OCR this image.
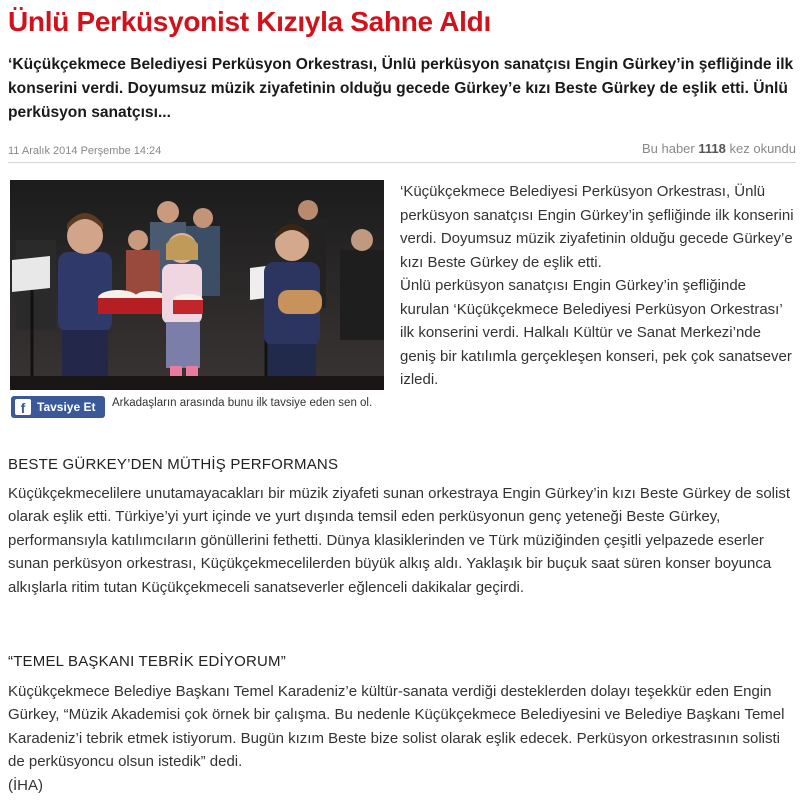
Ünlü Perküsyonist Kızıyla Sahne Aldı

‘Küçükçekmece Belediyesi Perküsyon Orkestrası, Ünlü perküsyon sanatçısı Engin Gürkey’in şefliğinde ilk konserini verdi. Doyumsuz müzik ziyafetinin olduğu gecede Gürkey’e kızı Beste Gürkey de eşlik etti. Ünlü perküsyon sanatçısı...

11 Aralık 2014 Perşembe 14:24	Bu haber 1118 kez okundu
f Tavsiye Et	Arkadaşların arasında bunu ilk tavsiye eden sen ol.

‘Küçükçekmece Belediyesi Perküsyon Orkestrası, Ünlü perküsyon sanatçısı Engin Gürkey’in şefliğinde ilk konserini verdi. Doyumsuz müzik ziyafetinin olduğu gecede Gürkey’e kızı Beste Gürkey de eşlik etti.
Ünlü perküsyon sanatçısı Engin Gürkey’in şefliğinde kurulan ‘Küçükçekmece Belediyesi Perküsyon Orkestrası’ ilk konserini verdi. Halkalı Kültür ve Sanat Merkezi’nde geniş bir katılımla gerçekleşen konseri, pek çok sanatsever izledi.

BESTE GÜRKEY’DEN MÜTHİŞ PERFORMANS

Küçükçekmecelilere unutamayacakları bir müzik ziyafeti sunan orkestraya Engin Gürkey’in kızı Beste Gürkey de solist olarak eşlik etti. Türkiye’yi yurt içinde ve yurt dışında temsil eden perküsyonun genç yeteneği Beste Gürkey, performansıyla katılımcıların gönüllerini fethetti. Dünya klasiklerinden ve Türk müziğinden çeşitli yelpazede eserler sunan perküsyon orkestrası, Küçükçekmecelilerden büyük alkış aldı. Yaklaşık bir buçuk saat süren konser boyunca alkışlarla ritim tutan Küçükçekmeceli sanatseverler eğlenceli dakikalar geçirdi.

“TEMEL BAŞKANI TEBRİK EDİYORUM”

Küçükçekmece Belediye Başkanı Temel Karadeniz’e kültür-sanata verdiği desteklerden dolayı teşekkür eden Engin Gürkey, “Müzik Akademisi çok örnek bir çalışma. Bu nedenle Küçükçekmece Belediyesini ve Belediye Başkanı Temel Karadeniz’i tebrik etmek istiyorum. Bugün kızım Beste bize solist olarak eşlik edecek. Perküsyon orkestrasının solisti de perküsyoncu olsun istedik” dedi.
(İHA)
